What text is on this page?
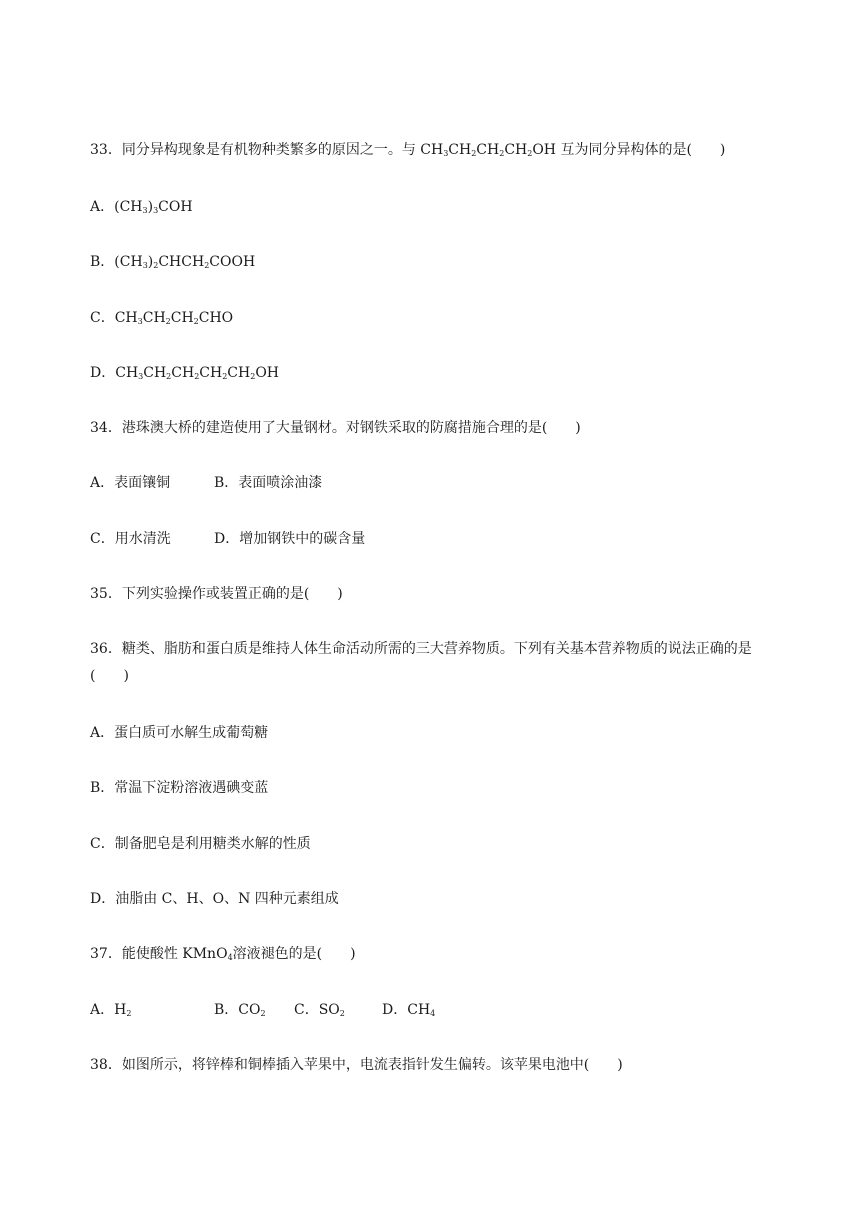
33．同分异构现象是有机物种类繁多的原因之一。与 $CH_3CH_2CH_2CH_2OH$ 互为同分异构体的是(　　)
A．$(CH_3)_3COH$
B．$(CH_3)_2CHCH_2COOH$
C．$CH_3CH_2CH_2CHO$
D．$CH_3CH_2CH_2CH_2CH_2OH$
34．港珠澳大桥的建造使用了大量钢材。对钢铁采取的防腐措施合理的是(　　)
A．表面镶铜	B．表面喷涂油漆
C．用水清洗	D．增加钢铁中的碳含量
35．下列实验操作或装置正确的是(　　)
36．糖类、脂肪和蛋白质是维持人体生命活动所需的三大营养物质。下列有关基本营养物质的说法正确的是(　　)
A．蛋白质可水解生成葡萄糖
B．常温下淀粉溶液遇碘变蓝
C．制备肥皂是利用糖类水解的性质
D．油脂由 C、H、O、N 四种元素组成
37．能使酸性 KMnO$_4$溶液褪色的是(　　)
A．$H_2$	B．$CO_2$ C．$SO_2$	D．$CH_4$
38．如图所示，将锌棒和铜棒插入苹果中，电流表指针发生偏转。该苹果电池中(　　)
